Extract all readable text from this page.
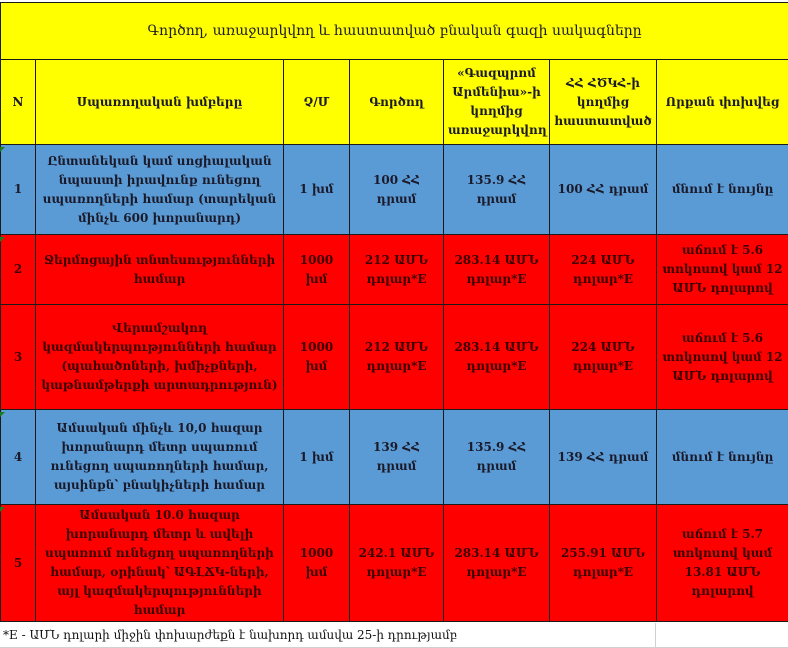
Գործող, առաջարկվող և հաստատված բնական գազի սակագները						
N	Սպառողական խմբերը	Չ/Մ	Գործող	«Գազպրոմ Արմենիա»-ի կողմից առաջարկվող	ՀՀ ՀԾԿՀ-ի կողմից հաստատված	Որքան փոխվեց
1	Ընտանեկան կամ սոցիալական նպաստի իրավունք ունեցող սպառողների համար (տարեկան մինչև 600 խորանարդ)	1 խմ	100 ՀՀ դրամ	135.9 ՀՀ դրամ	100 ՀՀ դրամ	մնում է նույնը
2	Ջերմոցային տնտեսությունների համար	1000 խմ	212 ԱՄՆ դոլար*E	283.14 ԱՄՆ դոլար*E	224 ԱՄՆ դոլար*E	աճում է 5.6 տոկոսով կամ 12 ԱՄՆ դոլարով
3	Վերամշակող կազմակերպությունների համար (պահածոների, խմիչքների, կաթնամթերքի արտադրություն)	1000 խմ	212 ԱՄՆ դոլար*E	283.14 ԱՄՆ դոլար*E	224 ԱՄՆ դոլար*E	աճում է 5.6 տոկոսով կամ 12 ԱՄՆ դոլարով
4	Ամսական մինչև 10,0 հազար խորանարդ մետր սպառում ունեցող սպառողների համար, այսինքն՝ բնակիչների համար	1 խմ	139 ՀՀ դրամ	135.9 ՀՀ դրամ	139 ՀՀ դրամ	մնում է նույնը
5	Ամսական 10.0 հազար խորանարդ մետր և ավելի սպառում ունեցող սպառողների համար, օրինակ՝ ԱԳԼՃԿ-ների, այլ կազմակերպությունների համար	1000 խմ	242.1 ԱՄՆ դոլար*E	283.14 ԱՄՆ դոլար*E	255.91 ԱՄՆ դոլար*E	աճում է 5.7 տոկոսով կամ 13.81 ԱՄՆ դոլարով
*E - ԱՄՆ դոլարի միջին փոխարժեքն է նախորդ ամսվա 25-ի դրությամբ
